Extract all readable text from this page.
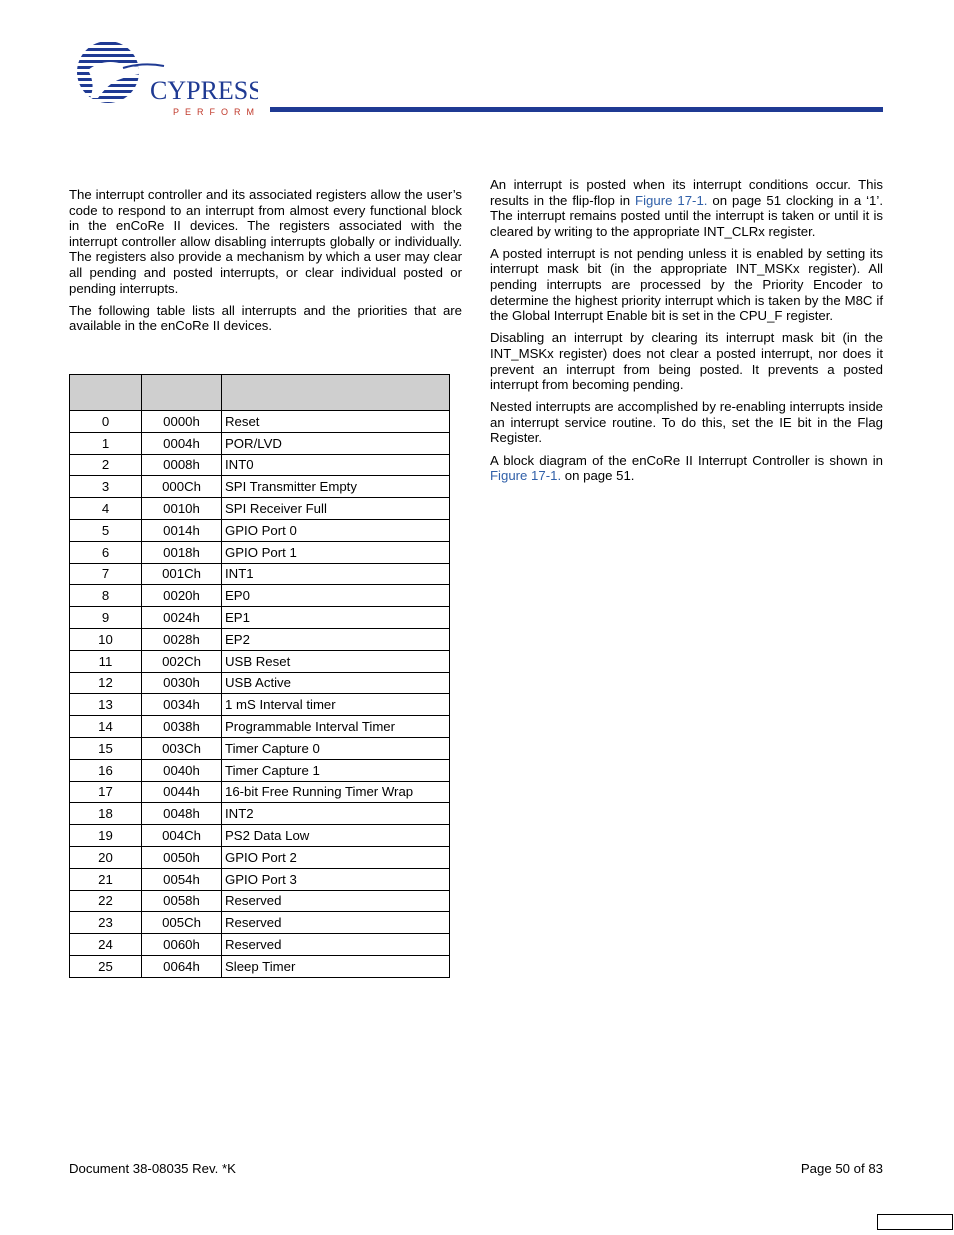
CYPRESS
PERFORM

The interrupt controller and its associated registers allow the user’s code to respond to an interrupt from almost every functional block in the enCoRe II devices. The registers associated with the interrupt controller allow disabling interrupts globally or individually. The registers also provide a mechanism by which a user may clear all pending and posted interrupts, or clear individual posted or pending interrupts.

The following table lists all interrupts and the priorities that are available in the enCoRe II devices.

0	0000h	Reset
1	0004h	POR/LVD
2	0008h	INT0
3	000Ch	SPI Transmitter Empty
4	0010h	SPI Receiver Full
5	0014h	GPIO Port 0
6	0018h	GPIO Port 1
7	001Ch	INT1
8	0020h	EP0
9	0024h	EP1
10	0028h	EP2
11	002Ch	USB Reset
12	0030h	USB Active
13	0034h	1 mS Interval timer
14	0038h	Programmable Interval Timer
15	003Ch	Timer Capture 0
16	0040h	Timer Capture 1
17	0044h	16-bit Free Running Timer Wrap
18	0048h	INT2
19	004Ch	PS2 Data Low
20	0050h	GPIO Port 2
21	0054h	GPIO Port 3
22	0058h	Reserved
23	005Ch	Reserved
24	0060h	Reserved
25	0064h	Sleep Timer

An interrupt is posted when its interrupt conditions occur. This results in the flip-flop in Figure 17-1. on page 51 clocking in a ‘1’. The interrupt remains posted until the interrupt is taken or until it is cleared by writing to the appropriate INT_CLRx register.

A posted interrupt is not pending unless it is enabled by setting its interrupt mask bit (in the appropriate INT_MSKx register). All pending interrupts are processed by the Priority Encoder to determine the highest priority interrupt which is taken by the M8C if the Global Interrupt Enable bit is set in the CPU_F register.

Disabling an interrupt by clearing its interrupt mask bit (in the INT_MSKx register) does not clear a posted interrupt, nor does it prevent an interrupt from being posted. It prevents a posted interrupt from becoming pending.

Nested interrupts are accomplished by re-enabling interrupts inside an interrupt service routine. To do this, set the IE bit in the Flag Register.

A block diagram of the enCoRe II Interrupt Controller is shown in Figure 17-1. on page 51.

Document 38-08035 Rev. *K	Page 50 of 83
